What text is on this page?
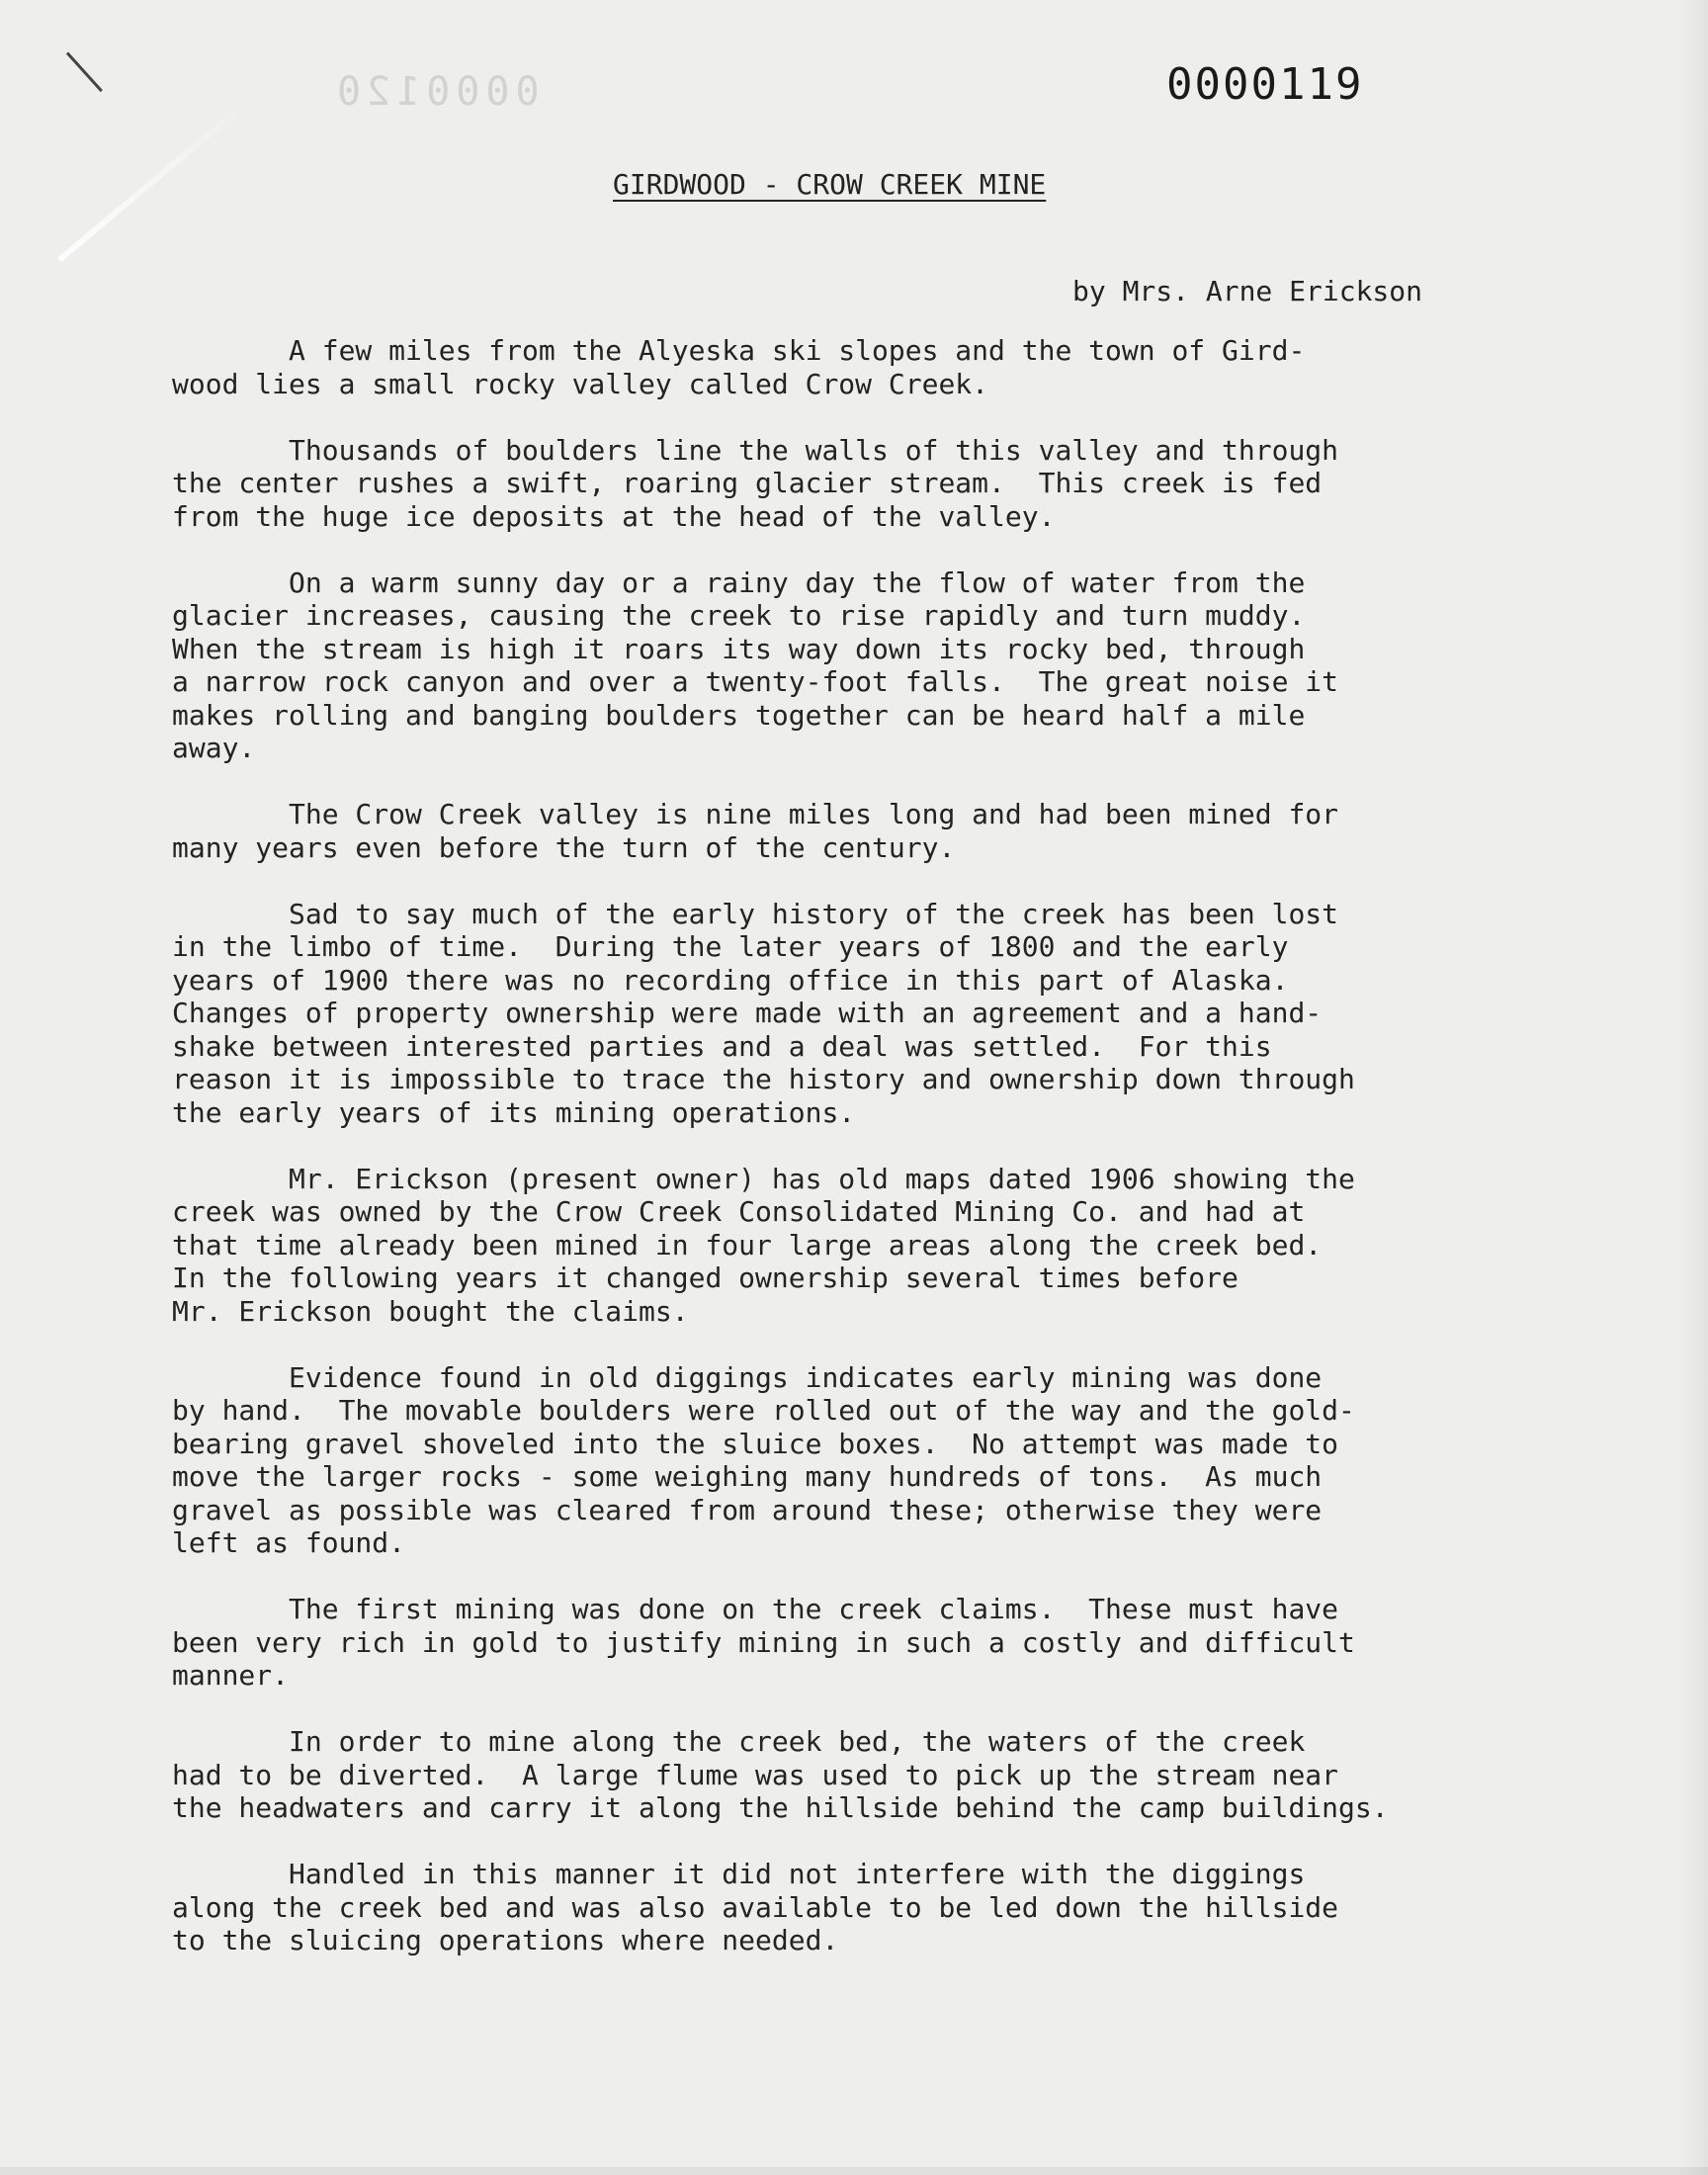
0000120	0000119
GIRDWOOD - CROW CREEK MINE
by Mrs. Arne Erickson

A few miles from the Alyeska ski slopes and the town of Gird-
wood lies a small rocky valley called Crow Creek.

Thousands of boulders line the walls of this valley and through
the center rushes a swift, roaring glacier stream.  This creek is fed
from the huge ice deposits at the head of the valley.

On a warm sunny day or a rainy day the flow of water from the
glacier increases, causing the creek to rise rapidly and turn muddy.
When the stream is high it roars its way down its rocky bed, through
a narrow rock canyon and over a twenty-foot falls.  The great noise it
makes rolling and banging boulders together can be heard half a mile
away.

The Crow Creek valley is nine miles long and had been mined for
many years even before the turn of the century.

Sad to say much of the early history of the creek has been lost
in the limbo of time.  During the later years of 1800 and the early
years of 1900 there was no recording office in this part of Alaska.
Changes of property ownership were made with an agreement and a hand-
shake between interested parties and a deal was settled.  For this
reason it is impossible to trace the history and ownership down through
the early years of its mining operations.

Mr. Erickson (present owner) has old maps dated 1906 showing the
creek was owned by the Crow Creek Consolidated Mining Co. and had at
that time already been mined in four large areas along the creek bed.
In the following years it changed ownership several times before
Mr. Erickson bought the claims.

Evidence found in old diggings indicates early mining was done
by hand.  The movable boulders were rolled out of the way and the gold-
bearing gravel shoveled into the sluice boxes.  No attempt was made to
move the larger rocks - some weighing many hundreds of tons.  As much
gravel as possible was cleared from around these; otherwise they were
left as found.

The first mining was done on the creek claims.  These must have
been very rich in gold to justify mining in such a costly and difficult
manner.

In order to mine along the creek bed, the waters of the creek
had to be diverted.  A large flume was used to pick up the stream near
the headwaters and carry it along the hillside behind the camp buildings.

Handled in this manner it did not interfere with the diggings
along the creek bed and was also available to be led down the hillside
to the sluicing operations where needed.
